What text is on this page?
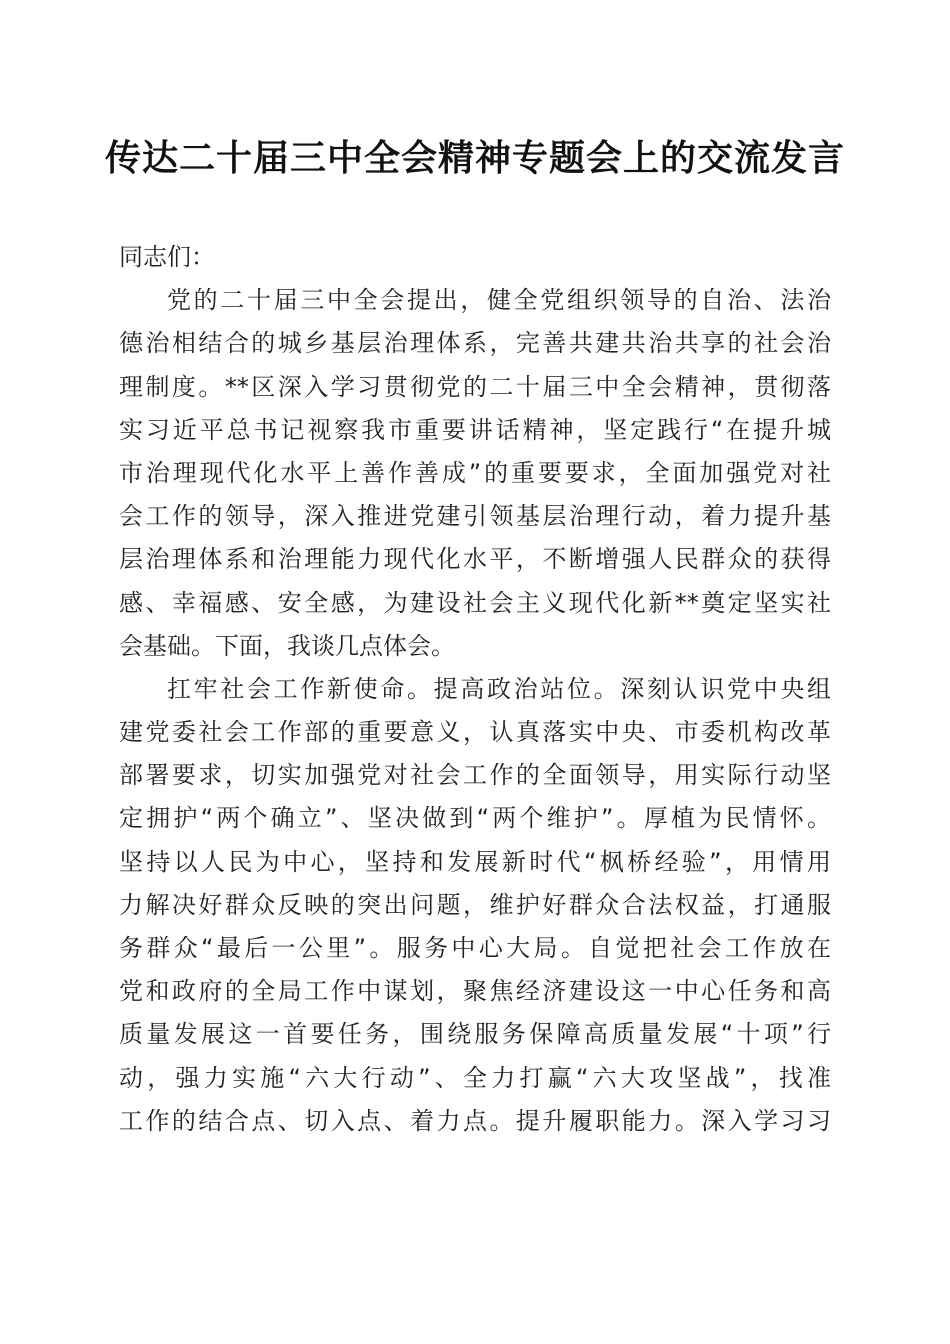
传达二十届三中全会精神专题会上的交流发言
同志们：
党的二十届三中全会提出，健全党组织领导的自治、法治
德治相结合的城乡基层治理体系，完善共建共治共享的社会治
理制度。**区深入学习贯彻党的二十届三中全会精神，贯彻落
实习近平总书记视察我市重要讲话精神，坚定践行“在提升城
市治理现代化水平上善作善成”的重要要求，全面加强党对社
会工作的领导，深入推进党建引领基层治理行动，着力提升基
层治理体系和治理能力现代化水平，不断增强人民群众的获得
感、幸福感、安全感，为建设社会主义现代化新**奠定坚实社
会基础。下面，我谈几点体会。
扛牢社会工作新使命。提高政治站位。深刻认识党中央组
建党委社会工作部的重要意义，认真落实中央、市委机构改革
部署要求，切实加强党对社会工作的全面领导，用实际行动坚
定拥护“两个确立”、坚决做到“两个维护”。厚植为民情怀。
坚持以人民为中心，坚持和发展新时代“枫桥经验”，用情用
力解决好群众反映的突出问题，维护好群众合法权益，打通服
务群众“最后一公里”。服务中心大局。自觉把社会工作放在
党和政府的全局工作中谋划，聚焦经济建设这一中心任务和高
质量发展这一首要任务，围绕服务保障高质量发展“十项”行
动，强力实施“六大行动”、全力打赢“六大攻坚战”，找准
工作的结合点、切入点、着力点。提升履职能力。深入学习习
